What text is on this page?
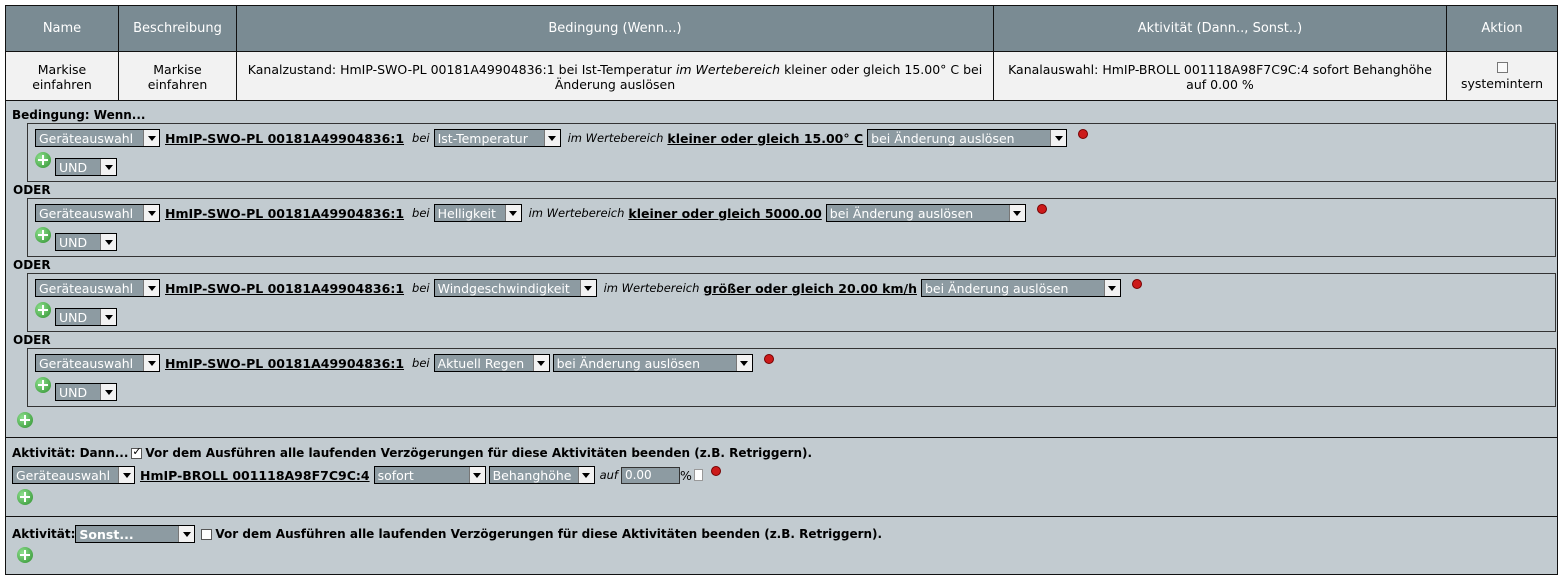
Name	Beschreibung	Bedingung (Wenn...)	Aktivität (Dann.., Sonst..)	Aktion
Markise
einfahren
Markise
einfahren
Kanalzustand: HmIP-SWO-PL 00181A49904836:1 bei Ist-Temperatur im Wertebereich kleiner oder gleich 15.00° C bei
Änderung auslösen
Kanalauswahl: HmIP-BROLL 001118A98F7C9C:4 sofort Behanghöhe
auf 0.00 %	systemintern
Bedingung: Wenn...
Geräteauswahl	HmIP-SWO-PL 00181A49904836:1 bei Ist-Temperatur	im Wertebereich kleiner oder gleich 15.00° C bei Änderung auslösen
UND
ODER
Geräteauswahl	HmIP-SWO-PL 00181A49904836:1 bei Helligkeit	im Wertebereich kleiner oder gleich 5000.00 bei Änderung auslösen
UND
ODER
Geräteauswahl	HmIP-SWO-PL 00181A49904836:1 bei Windgeschwindigkeit	im Wertebereich größer oder gleich 20.00 km/h bei Änderung auslösen
UND
ODER
Geräteauswahl	HmIP-SWO-PL 00181A49904836:1 bei Aktuell Regen	bei Änderung auslösen
UND
Aktivität: Dann...
✓ Vor dem Ausführen alle laufenden Verzögerungen für diese Aktivitäten beenden (z.B. Retriggern).
Geräteauswahl	HmIP-BROLL 001118A98F7C9C:4 sofort	Behanghöhe	auf 0.00	%
Aktivität: Sonst...	Vor dem Ausführen alle laufenden Verzögerungen für diese Aktivitäten beenden (z.B. Retriggern).
